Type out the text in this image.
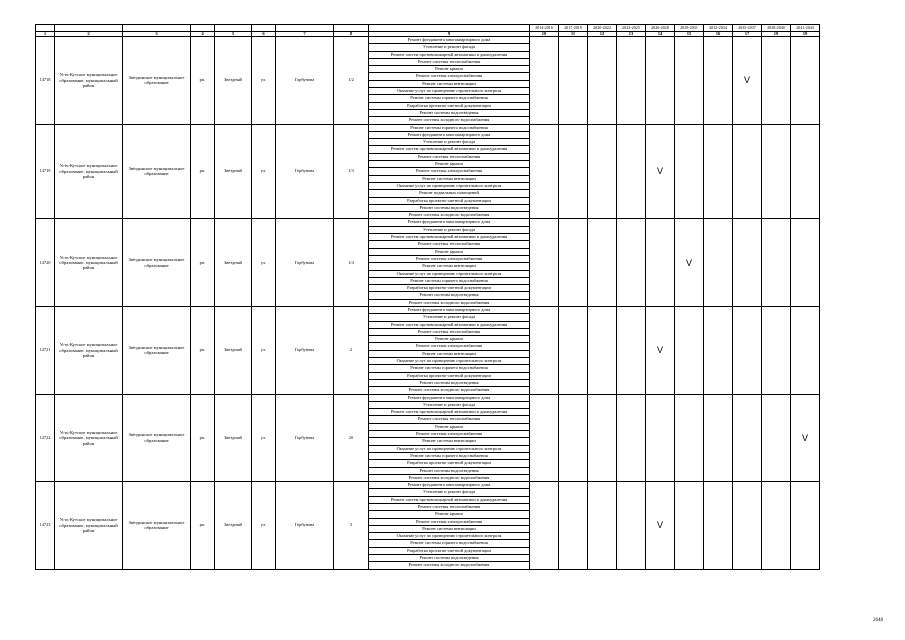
									2014-2016	2017-2019	2020-2022	2023-2025	2026-2028	2029-2031	2032-2034	2035-2037	2038-2040	2041-2043
1	2	3	4	5	6	7	8	9	10	11	12	13	14	15	16	17	18	19
14718	Усть-Кутское муниципальное образование, муниципальный район	Звёздинское муниципальное образование	рп.	Звездный	ул.	Горбунова	1/2	Ремонт фундамента многоквартирного дома								V		
								Утепление и ремонт фасада										
								Ремонт систем противопожарной автоматики и дымоудаления										
								Ремонт системы теплоснабжения										
								Ремонт крыши										
								Ремонт системы электроснабжения										
								Ремонт системы вентиляции										
								Оказание услуг по проведению строительного контроля										
								Ремонт системы горячего водоснабжения										
								Разработка проектно-сметной документации										
								Ремонт системы водоотведения										
								Ремонт системы холодного водоснабжения										
14719	Усть-Кутское муниципальное образование, муниципальный район	Звёздинское муниципальное образование	рп.	Звездный	ул.	Горбунова	1/3	Ремонт системы горячего водоснабжения					V					
								Ремонт фундамента многоквартирного дома										
								Утепление и ремонт фасада										
								Ремонт систем противопожарной автоматики и дымоудаления										
								Ремонт системы теплоснабжения										
								Ремонт крыши										
								Ремонт системы электроснабжения										
								Ремонт системы вентиляции										
								Оказание услуг по проведению строительного контроля										
								Ремонт подвальных помещений										
								Разработка проектно-сметной документации										
								Ремонт системы водоотведения										
								Ремонт системы холодного водоснабжения										
14720	Усть-Кутское муниципальное образование, муниципальный район	Звёздинское муниципальное образование	рп.	Звездный	ул.	Горбунова	1/4	Ремонт фундамента многоквартирного дома						V				
								Утепление и ремонт фасада										
								Ремонт систем противопожарной автоматики и дымоудаления										
								Ремонт системы теплоснабжения										
								Ремонт крыши										
								Ремонт системы электроснабжения										
								Ремонт системы вентиляции										
								Оказание услуг по проведению строительного контроля										
								Ремонт системы горячего водоснабжения										
								Разработка проектно-сметной документации										
								Ремонт системы водоотведения										
								Ремонт системы холодного водоснабжения										
14721	Усть-Кутское муниципальное образование, муниципальный район	Звёздинское муниципальное образование	рп.	Звездный	ул.	Горбунова	2	Ремонт фундамента многоквартирного дома					V					
								Утепление и ремонт фасада										
								Ремонт систем противопожарной автоматики и дымоудаления										
								Ремонт системы теплоснабжения										
								Ремонт крыши										
								Ремонт системы электроснабжения										
								Ремонт системы вентиляции										
								Оказание услуг по проведению строительного контроля										
								Ремонт системы горячего водоснабжения										
								Разработка проектно-сметной документации										
								Ремонт системы водоотведения										
								Ремонт системы холодного водоснабжения										
14722	Усть-Кутское муниципальное образование, муниципальный район	Звёздинское муниципальное образование	рп.	Звездный	ул.	Горбунова	2б	Ремонт фундамента многоквартирного дома										V
								Утепление и ремонт фасада										
								Ремонт систем противопожарной автоматики и дымоудаления										
								Ремонт системы теплоснабжения										
								Ремонт крыши										
								Ремонт системы электроснабжения										
								Ремонт системы вентиляции										
								Оказание услуг по проведению строительного контроля										
								Ремонт системы горячего водоснабжения										
								Разработка проектно-сметной документации										
								Ремонт системы водоотведения										
								Ремонт системы холодного водоснабжения										
14723	Усть-Кутское муниципальное образование, муниципальный район	Звёздинское муниципальное образование	рп.	Звездный	ул.	Горбунова	3	Ремонт фундамента многоквартирного дома					V					
								Утепление и ремонт фасада										
								Ремонт систем противопожарной автоматики и дымоудаления										
								Ремонт системы теплоснабжения										
								Ремонт крыши										
								Ремонт системы электроснабжения										
								Ремонт системы вентиляции										
								Оказание услуг по проведению строительного контроля										
								Ремонт системы горячего водоснабжения										
								Разработка проектно-сметной документации										
								Ремонт системы водоотведения										
								Ремонт системы холодного водоснабжения										
2648
